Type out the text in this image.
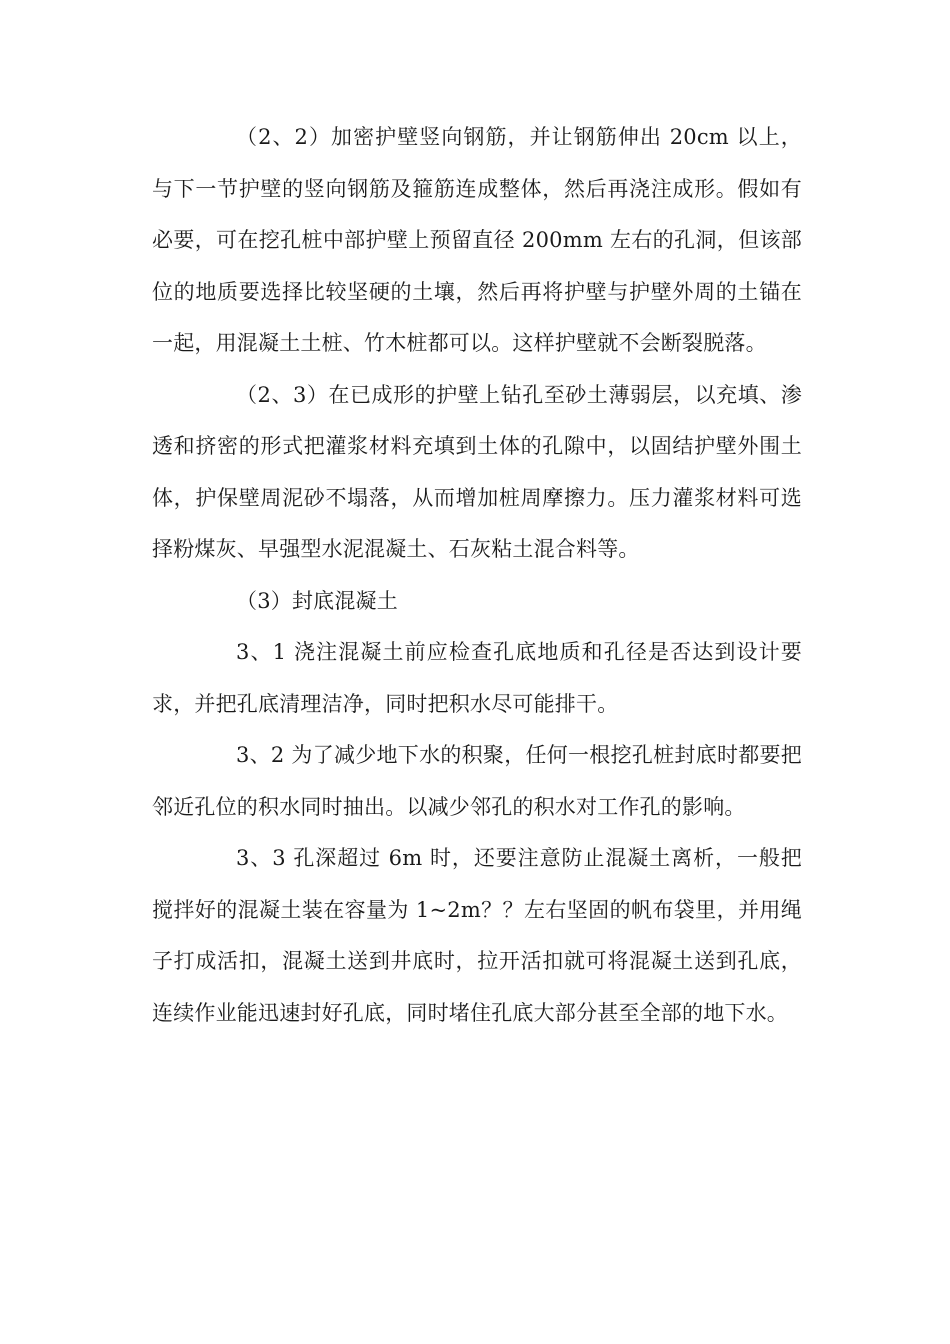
（2、2）加密护壁竖向钢筋，并让钢筋伸出 20cm 以上，与下一节护壁的竖向钢筋及箍筋连成整体，然后再浇注成形。假如有必要，可在挖孔桩中部护壁上预留直径 200mm 左右的孔洞，但该部位的地质要选择比较坚硬的土壤，然后再将护壁与护壁外周的土锚在一起，用混凝土土桩、竹木桩都可以。这样护壁就不会断裂脱落。

（2、3）在已成形的护壁上钻孔至砂土薄弱层，以充填、渗透和挤密的形式把灌浆材料充填到土体的孔隙中，以固结护壁外围土体，护保壁周泥砂不塌落，从而增加桩周摩擦力。压力灌浆材料可选择粉煤灰、早强型水泥混凝土、石灰粘土混合料等。

（3）封底混凝土

3、1 浇注混凝土前应检查孔底地质和孔径是否达到设计要求，并把孔底清理洁净，同时把积水尽可能排干。

3、2 为了减少地下水的积聚，任何一根挖孔桩封底时都要把邻近孔位的积水同时抽出。以减少邻孔的积水对工作孔的影响。

3、3 孔深超过 6m 时，还要注意防止混凝土离析，一般把搅拌好的混凝土装在容量为 1~2m？？左右坚固的帆布袋里，并用绳子打成活扣，混凝土送到井底时，拉开活扣就可将混凝土送到孔底，连续作业能迅速封好孔底，同时堵住孔底大部分甚至全部的地下水。
